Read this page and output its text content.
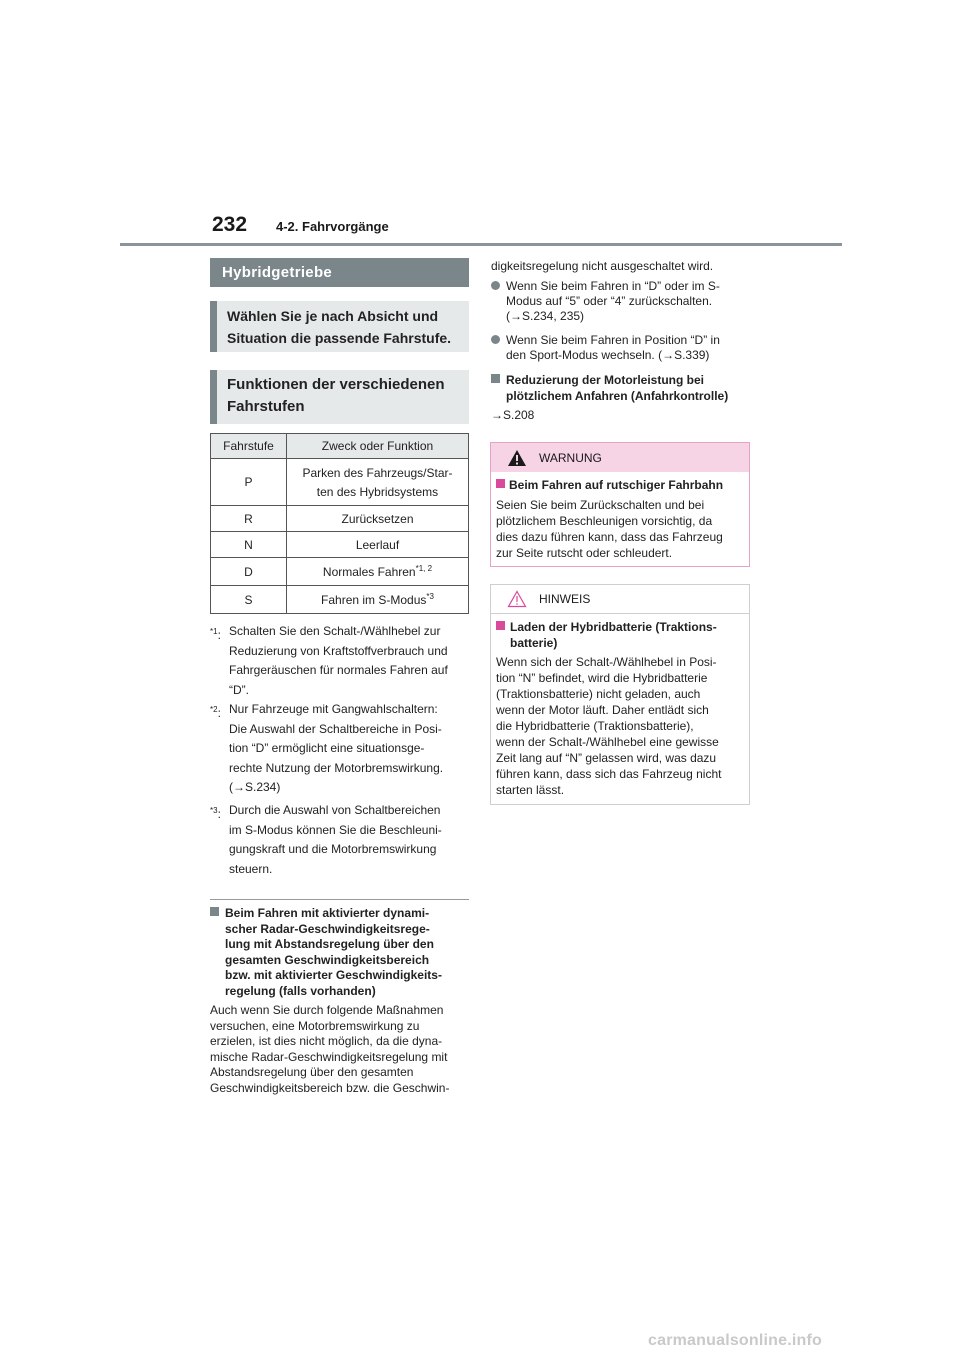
232 4-2. Fahrvorgänge
Hybridgetriebe
Wählen Sie je nach Absicht und
Situation die passende Fahrstufe.
Funktionen der verschiedenen
Fahrstufen
Fahrstufe	Zweck oder Funktion
P	Parken des Fahrzeugs/Star-
ten des Hybridsystems

R	Zurücksetzen
N	Leerlauf
D	Normales Fahren$^{*1, 2}$
S	Fahren im S-Modus$^{*3}$
$^{*1}$: Schalten Sie den Schalt-/Wählhebel zur
Reduzierung von Kraftstoffverbrauch und
Fahrgeräuschen für normales Fahren auf
“D”.
$^{*2}$: Nur Fahrzeuge mit Gangwahlschaltern:
Die Auswahl der Schaltbereiche in Posi-
tion “D” ermöglicht eine situationsge-
rechte Nutzung der Motorbremswirkung.
(→S.234)
$^{*3}$: Durch die Auswahl von Schaltbereichen
im S-Modus können Sie die Beschleuni-
gungskraft und die Motorbremswirkung
steuern.
Beim Fahren mit aktivierter dynami-
scher Radar-Geschwindigkeitsrege-
lung mit Abstandsregelung über den
gesamten Geschwindigkeitsbereich
bzw. mit aktivierter Geschwindigkeits-
regelung (falls vorhanden)
Auch wenn Sie durch folgende Maßnahmen
versuchen, eine Motorbremswirkung zu
erzielen, ist dies nicht möglich, da die dyna-
mische Radar-Geschwindigkeitsregelung mit
Abstandsregelung über den gesamten
Geschwindigkeitsbereich bzw. die Geschwin-
digkeitsregelung nicht ausgeschaltet wird.
Wenn Sie beim Fahren in “D” oder im S-
Modus auf “5” oder “4” zurückschalten.
(→S.234, 235)
Wenn Sie beim Fahren in Position “D” in
den Sport-Modus wechseln. (→S.339)
Reduzierung der Motorleistung bei
plötzlichem Anfahren (Anfahrkontrolle)
→S.208
WARNUNG
Beim Fahren auf rutschiger Fahrbahn
Seien Sie beim Zurückschalten und bei
plötzlichem Beschleunigen vorsichtig, da
dies dazu führen kann, dass das Fahrzeug
zur Seite rutscht oder schleudert.
HINWEIS
Laden der Hybridbatterie (Traktions-
batterie)
Wenn sich der Schalt-/Wählhebel in Posi-
tion “N” befindet, wird die Hybridbatterie
(Traktionsbatterie) nicht geladen, auch
wenn der Motor läuft. Daher entlädt sich
die Hybridbatterie (Traktionsbatterie),
wenn der Schalt-/Wählhebel eine gewisse
Zeit lang auf “N” gelassen wird, was dazu
führen kann, dass sich das Fahrzeug nicht
starten lässt.
carmanualsonline.info
